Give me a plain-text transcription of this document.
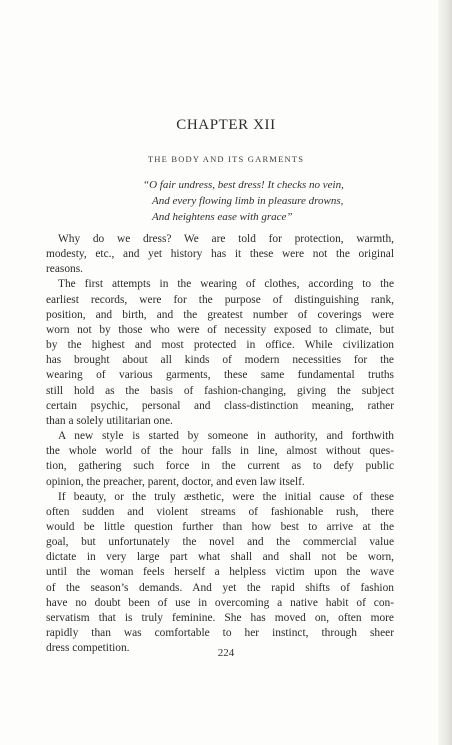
CHAPTER XII
THE BODY AND ITS GARMENTS
“O fair undress, best dress! It checks no vein,
And every flowing limb in pleasure drowns,
And heightens ease with grace”

Why do we dress? We are told for protection, warmth,
modesty, etc., and yet history has it these were not the original
reasons.

The first attempts in the wearing of clothes, according to the
earliest records, were for the purpose of distinguishing rank,
position, and birth, and the greatest number of coverings were
worn not by those who were of necessity exposed to climate, but
by the highest and most protected in office. While civilization
has brought about all kinds of modern necessities for the
wearing of various garments, these same fundamental truths
still hold as the basis of fashion-changing, giving the subject
certain psychic, personal and class-distinction meaning, rather
than a solely utilitarian one.

A new style is started by someone in authority, and forthwith
the whole world of the hour falls in line, almost without ques-
tion, gathering such force in the current as to defy public
opinion, the preacher, parent, doctor, and even law itself.

If beauty, or the truly æsthetic, were the initial cause of these
often sudden and violent streams of fashionable rush, there
would be little question further than how best to arrive at the
goal, but unfortunately the novel and the commercial value
dictate in very large part what shall and shall not be worn,
until the woman feels herself a helpless victim upon the wave
of the season’s demands. And yet the rapid shifts of fashion
have no doubt been of use in overcoming a native habit of con-
servatism that is truly feminine. She has moved on, often more
rapidly than was comfortable to her instinct, through sheer
dress competition.	224
